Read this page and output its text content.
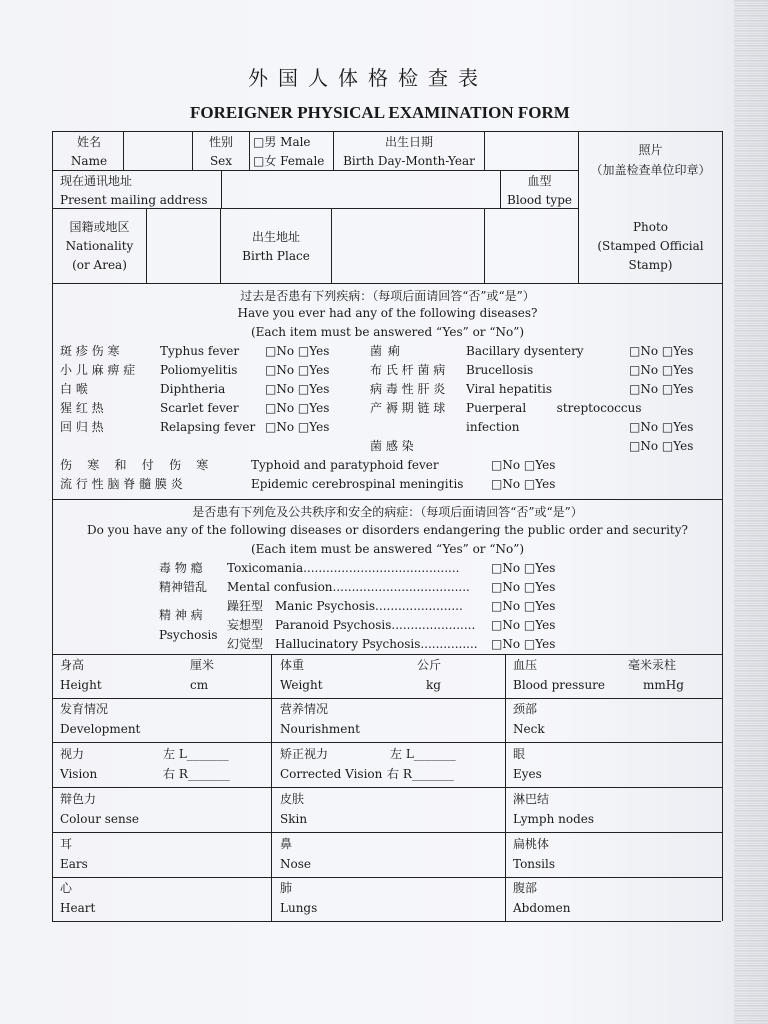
外国人体格检查表
FOREIGNER PHYSICAL EXAMINATION FORM
姓名
Name
性别
Sex
□男 Male
□女 Female
出生日期
Birth Day-Month-Year
照片
（加盖检查单位印章）
Photo
(Stamped Official
Stamp)
现在通讯地址
Present mailing address
血型
Blood type
国籍或地区
Nationality
(or Area)
出生地址
Birth Place
过去是否患有下列疾病：（每项后面请回答“否”或“是”）
Have you ever had any of the following diseases?
(Each item must be answered “Yes” or “No”)
斑 疹 伤 寒
小 儿 麻 痹 症
白 喉
猩 红 热
回 归 热
Typhus fever
Poliomyelitis
Diphtheria
Scarlet fever
Relapsing fever
□No □Yes
□No □Yes
□No □Yes
□No □Yes
□No □Yes
菌 痢
布 氏 杆 菌 病
病 毒 性 肝 炎
产 褥 期 链 球
Bacillary dysentery
Brucellosis
Viral hepatitis
Puerperal        streptococcus
infection
菌 感 染
□No □Yes
□No □Yes
□No □Yes
□No □Yes
□No □Yes
伤    寒    和    付    伤    寒
流 行 性 脑 脊 髓 膜 炎
Typhoid and paratyphoid fever
Epidemic cerebrospinal meningitis
□No □Yes
□No □Yes
是否患有下列危及公共秩序和安全的病症：（每项后面请回答“否”或“是”）
Do you have any of the following diseases or disorders endangering the public order and security?
(Each item must be answered “Yes” or “No”)
毒 物 瘾 Toxicomania.........................................
精神错乱 Mental confusion....................................
精 神 病
Psychosis
躁狂型 Manic Psychosis.......................
妄想型 Paranoid Psychosis......................
幻觉型 Hallucinatory Psychosis...............
□No □Yes
□No □Yes
□No □Yes
□No □Yes
□No □Yes
身高
Height
厘米
cm
体重
Weight
公斤
kg
血压
Blood pressure
毫米汞柱
mmHg
发育情况
Development
营养情况
Nourishment
颈部
Neck
视力
Vision
左 L_______
右 R_______
矫正视力
Corrected Vision
左 L_______
右 R_______
眼
Eyes
辩色力
Colour sense
皮肤
Skin
淋巴结
Lymph nodes
耳
Ears
鼻
Nose
扁桃体
Tonsils
心
Heart
肺
Lungs
腹部
Abdomen
